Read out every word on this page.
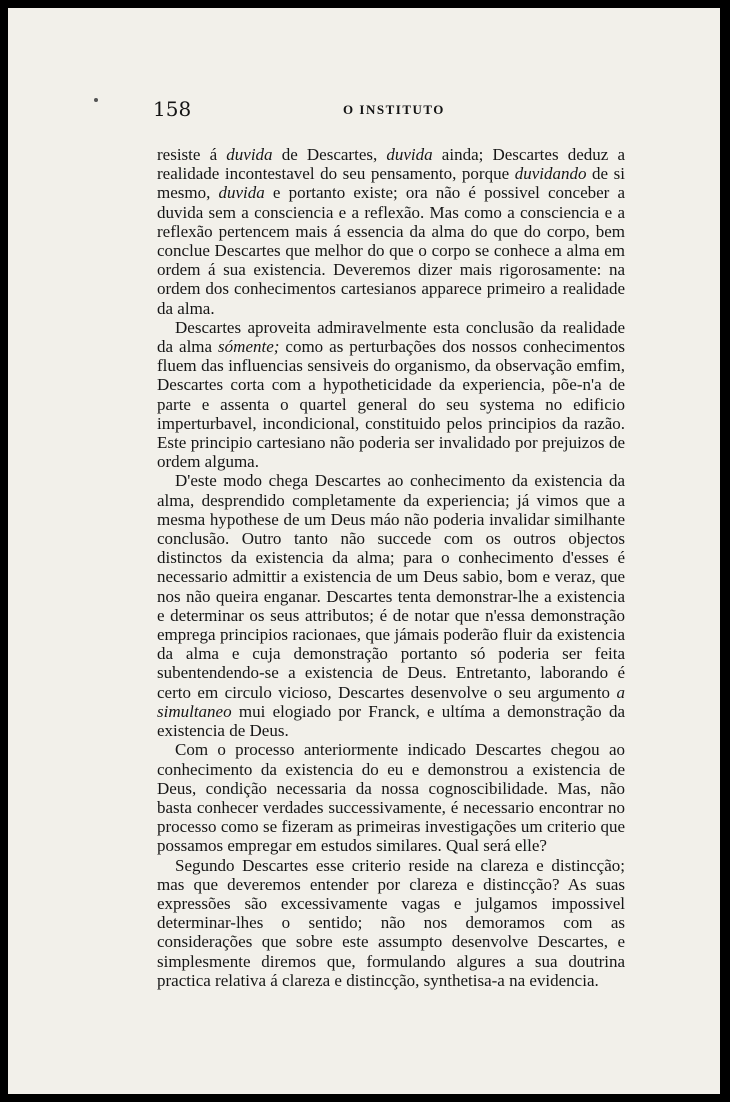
158	O INSTITUTO

resiste á duvida de Descartes, duvida ainda; Descartes deduz a realidade incontestavel do seu pensamento, porque duvidando de si mesmo, duvida e portanto existe; ora não é possivel conceber a duvida sem a consciencia e a reflexão. Mas como a consciencia e a reflexão pertencem mais á essencia da alma do que do corpo, bem conclue Descartes que melhor do que o corpo se conhece a alma em ordem á sua existencia. Deveremos dizer mais rigorosamente: na ordem dos conhecimentos cartesianos apparece primeiro a realidade da alma.

Descartes aproveita admiravelmente esta conclusão da realidade da alma sómente; como as perturbações dos nossos conhecimentos fluem das influencias sensiveis do organismo, da observação emfim, Descartes corta com a hypotheticidade da experiencia, põe-n'a de parte e assenta o quartel general do seu systema no edificio imperturbavel, incondicional, constituido pelos principios da razão. Este principio cartesiano não poderia ser invalidado por prejuizos de ordem alguma.

D'este modo chega Descartes ao conhecimento da existencia da alma, desprendido completamente da experiencia; já vimos que a mesma hypothese de um Deus máo não poderia invalidar similhante conclusão. Outro tanto não succede com os outros objectos distinctos da existencia da alma; para o conhecimento d'esses é necessario admittir a existencia de um Deus sabio, bom e veraz, que nos não queira enganar. Descartes tenta demonstrar-lhe a existencia e determinar os seus attributos; é de notar que n'essa demonstração emprega principios racionaes, que jámais poderão fluir da existencia da alma e cuja demonstração portanto só poderia ser feita subentendendo-se a existencia de Deus. Entretanto, laborando é certo em circulo vicioso, Descartes desenvolve o seu argumento a simultaneo mui elogiado por Franck, e ultíma a demonstração da existencia de Deus.

Com o processo anteriormente indicado Descartes chegou ao conhecimento da existencia do eu e demonstrou a existencia de Deus, condição necessaria da nossa cognoscibilidade. Mas, não basta conhecer verdades successivamente, é necessario encontrar no processo como se fizeram as primeiras investigações um criterio que possamos empregar em estudos similares. Qual será elle?

Segundo Descartes esse criterio reside na clareza e distincção; mas que deveremos entender por clareza e distincção? As suas expressões são excessivamente vagas e julgamos impossivel determinar-lhes o sentido; não nos demoramos com as considerações que sobre este assumpto desenvolve Descartes, e simplesmente diremos que, formulando algures a sua doutrina practica relativa á clareza e distincção, synthetisa-a na evidencia.
